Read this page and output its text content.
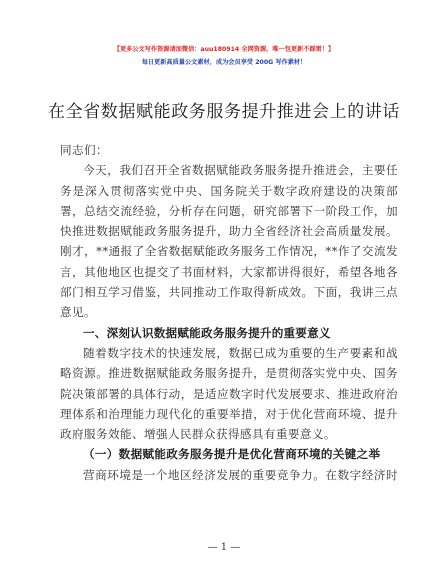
【更多公文写作资源请加微信：auu180914 全网资源，唯一包更新不踩雷！】
每日更新高质量公文素材，成为会员享受 200G 写作素材！
在全省数据赋能政务服务提升推进会上的讲话
同志们：
今天，我们召开全省数据赋能政务服务提升推进会，主要任
务是深入贯彻落实党中央、国务院关于数字政府建设的决策部
署，总结交流经验，分析存在问题，研究部署下一阶段工作，加
快推进数据赋能政务服务提升，助力全省经济社会高质量发展。
刚才，**通报了全省数据赋能政务服务工作情况，**作了交流发
言，其他地区也提交了书面材料，大家都讲得很好，希望各地各
部门相互学习借鉴，共同推动工作取得新成效。下面，我讲三点
意见。
一、深刻认识数据赋能政务服务提升的重要意义
随着数字技术的快速发展，数据已成为重要的生产要素和战
略资源。推进数据赋能政务服务提升，是贯彻落实党中央、国务
院决策部署的具体行动，是适应数字时代发展要求、推进政府治
理体系和治理能力现代化的重要举措，对于优化营商环境、提升
政府服务效能、增强人民群众获得感具有重要意义。
（一）数据赋能政务服务提升是优化营商环境的关键之举
营商环境是一个地区经济发展的重要竞争力。在数字经济时
— 1 —
